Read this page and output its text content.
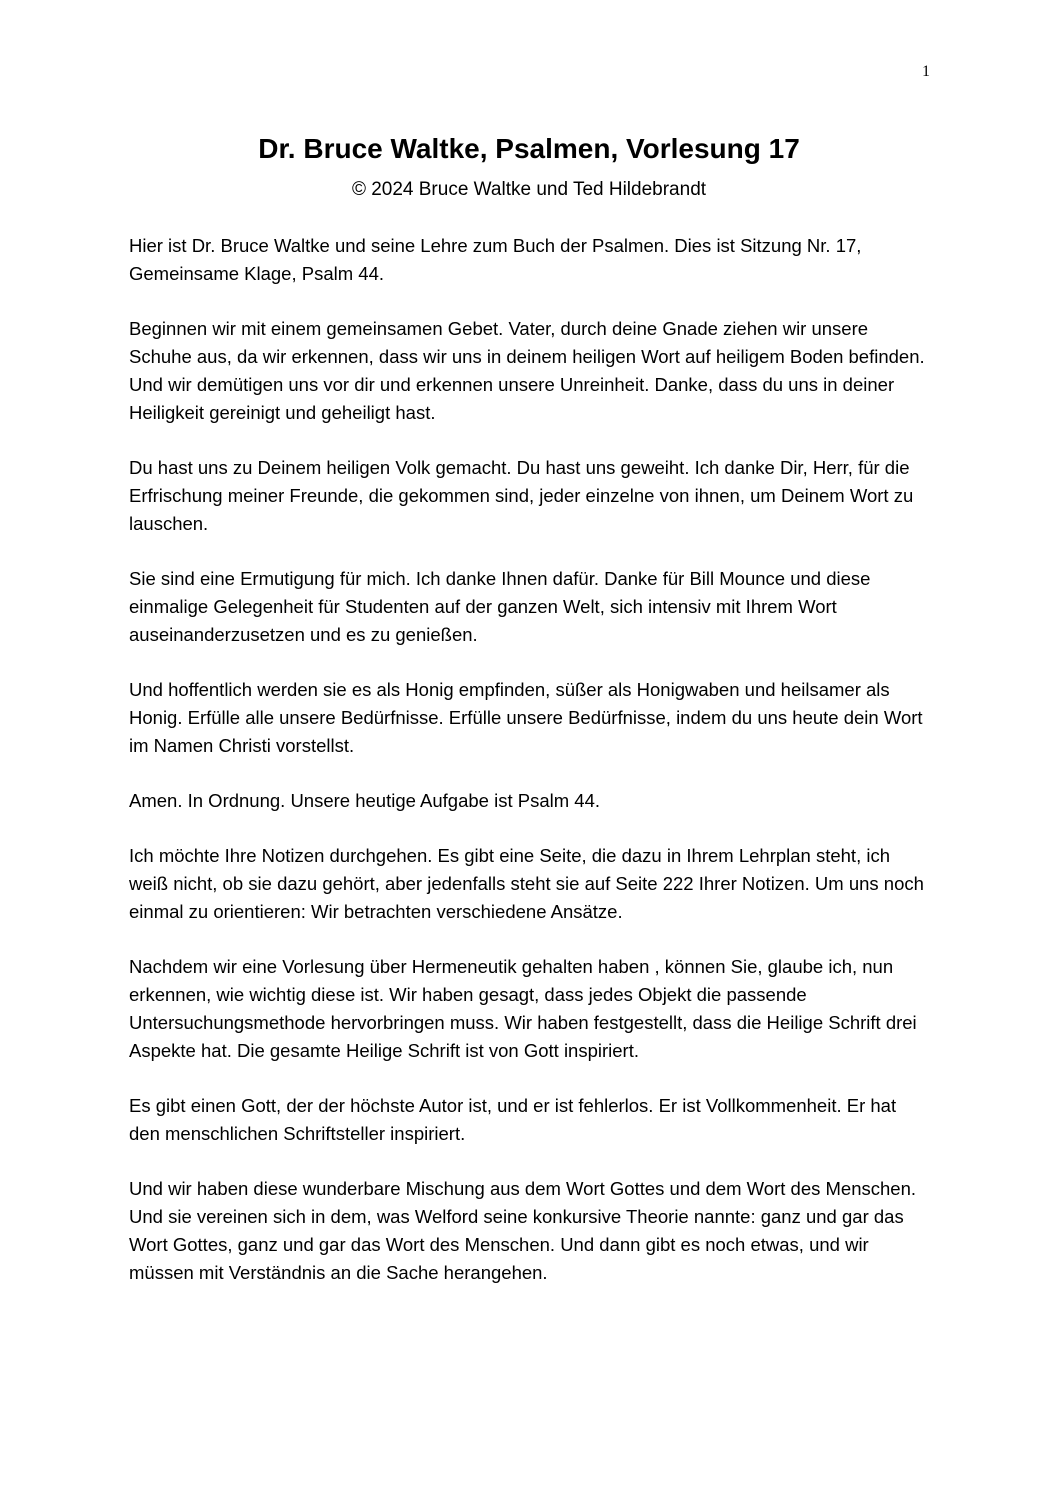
1
Dr. Bruce Waltke, Psalmen, Vorlesung 17
© 2024 Bruce Waltke und Ted Hildebrandt

Hier ist Dr. Bruce Waltke und seine Lehre zum Buch der Psalmen. Dies ist Sitzung Nr. 17, Gemeinsame Klage, Psalm 44.

Beginnen wir mit einem gemeinsamen Gebet. Vater, durch deine Gnade ziehen wir unsere Schuhe aus, da wir erkennen, dass wir uns in deinem heiligen Wort auf heiligem Boden befinden. Und wir demütigen uns vor dir und erkennen unsere Unreinheit. Danke, dass du uns in deiner Heiligkeit gereinigt und geheiligt hast.

Du hast uns zu Deinem heiligen Volk gemacht. Du hast uns geweiht. Ich danke Dir, Herr, für die Erfrischung meiner Freunde, die gekommen sind, jeder einzelne von ihnen, um Deinem Wort zu lauschen.

Sie sind eine Ermutigung für mich. Ich danke Ihnen dafür. Danke für Bill Mounce und diese einmalige Gelegenheit für Studenten auf der ganzen Welt, sich intensiv mit Ihrem Wort auseinanderzusetzen und es zu genießen.

Und hoffentlich werden sie es als Honig empfinden, süßer als Honigwaben und heilsamer als Honig. Erfülle alle unsere Bedürfnisse. Erfülle unsere Bedürfnisse, indem du uns heute dein Wort im Namen Christi vorstellst.

Amen. In Ordnung. Unsere heutige Aufgabe ist Psalm 44.

Ich möchte Ihre Notizen durchgehen. Es gibt eine Seite, die dazu in Ihrem Lehrplan steht, ich weiß nicht, ob sie dazu gehört, aber jedenfalls steht sie auf Seite 222 Ihrer Notizen. Um uns noch einmal zu orientieren: Wir betrachten verschiedene Ansätze.

Nachdem wir eine Vorlesung über Hermeneutik gehalten haben , können Sie, glaube ich, nun erkennen, wie wichtig diese ist. Wir haben gesagt, dass jedes Objekt die passende Untersuchungsmethode hervorbringen muss. Wir haben festgestellt, dass die Heilige Schrift drei Aspekte hat. Die gesamte Heilige Schrift ist von Gott inspiriert.

Es gibt einen Gott, der der höchste Autor ist, und er ist fehlerlos. Er ist Vollkommenheit. Er hat den menschlichen Schriftsteller inspiriert.

Und wir haben diese wunderbare Mischung aus dem Wort Gottes und dem Wort des Menschen. Und sie vereinen sich in dem, was Welford seine konkursive Theorie nannte: ganz und gar das Wort Gottes, ganz und gar das Wort des Menschen. Und dann gibt es noch etwas, und wir müssen mit Verständnis an die Sache herangehen.
